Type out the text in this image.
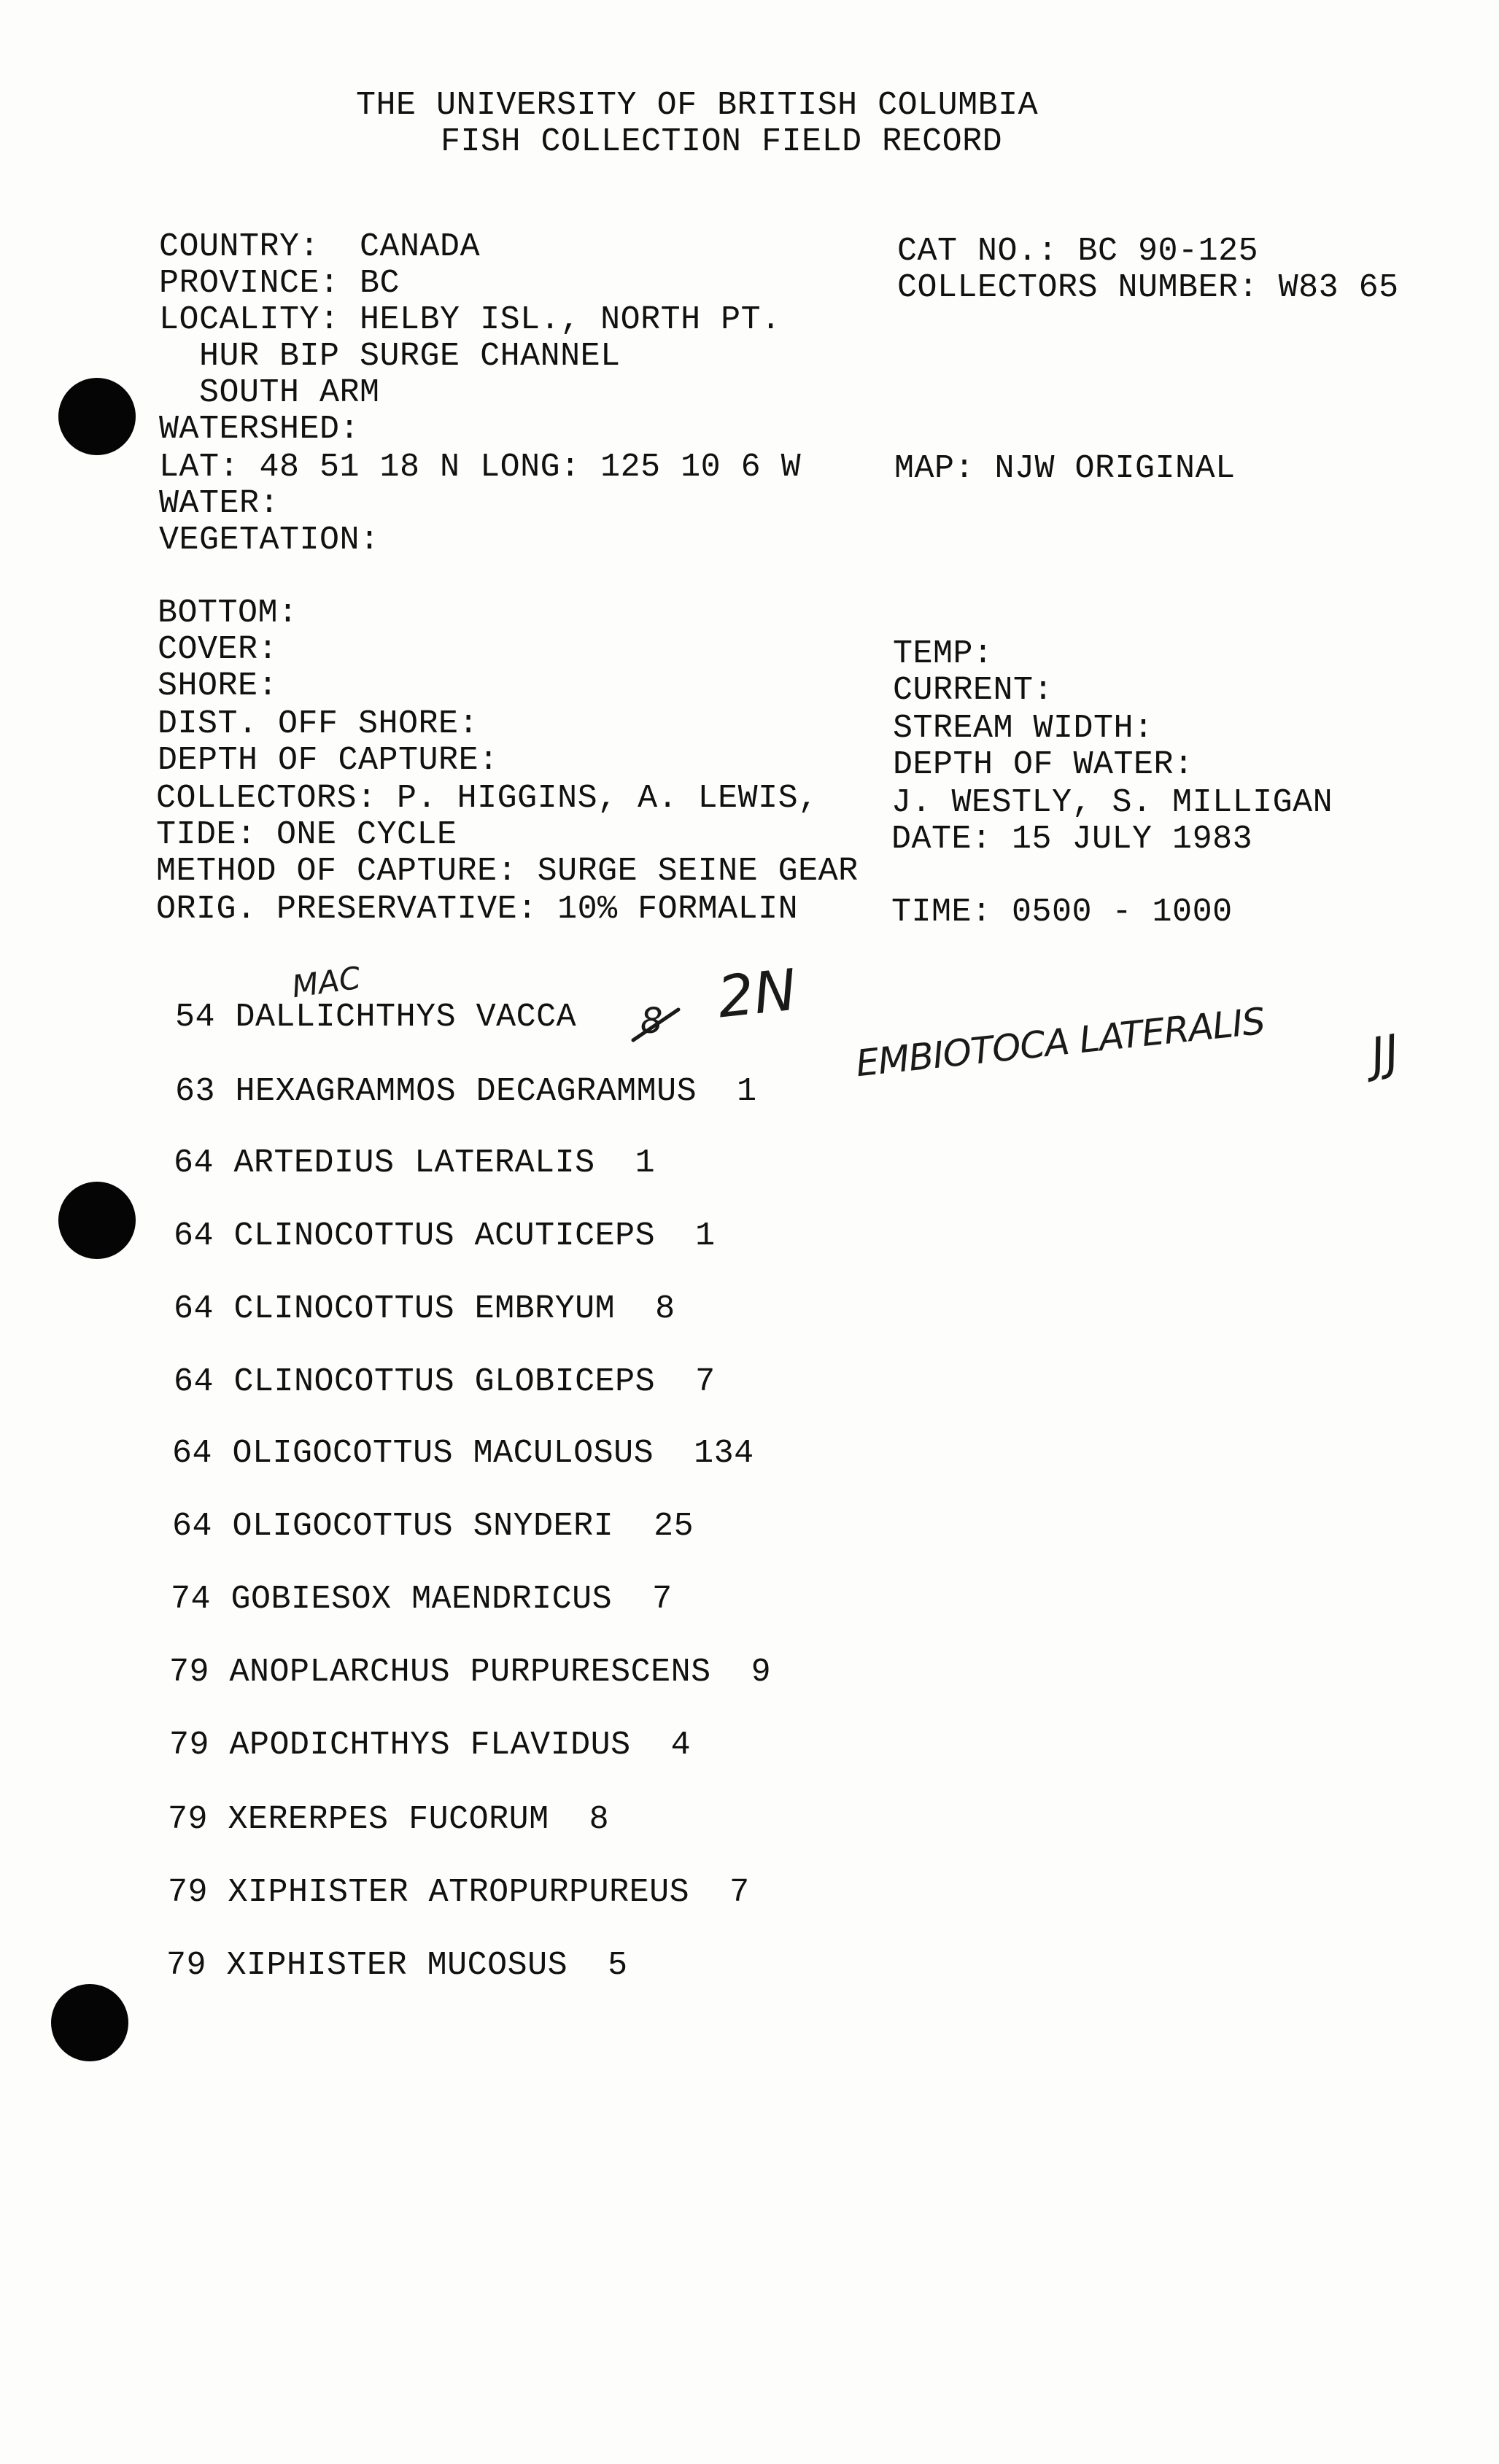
THE UNIVERSITY OF BRITISH COLUMBIA
FISH COLLECTION FIELD RECORD
COUNTRY:  CANADA
PROVINCE: BC
LOCALITY: HELBY ISL., NORTH PT.
HUR BIP SURGE CHANNEL
SOUTH ARM
WATERSHED:
LAT: 48 51 18 N LONG: 125 10 6 W
WATER:
VEGETATION:
BOTTOM:
COVER:
SHORE:
DIST. OFF SHORE:
DEPTH OF CAPTURE:
COLLECTORS: P. HIGGINS, A. LEWIS,
TIDE: ONE CYCLE
METHOD OF CAPTURE: SURGE SEINE GEAR
ORIG. PRESERVATIVE: 10% FORMALIN
CAT NO.: BC 90-125
COLLECTORS NUMBER: W83 65
MAP: NJW ORIGINAL
TEMP:
CURRENT:
STREAM WIDTH:
DEPTH OF WATER:
J. WESTLY, S. MILLIGAN
DATE: 15 JULY 1983
TIME: 0500 - 1000
54 DALLICHTHYS VACCA
63 HEXAGRAMMOS DECAGRAMMUS 1
64 ARTEDIUS LATERALIS 1
64 CLINOCOTTUS ACUTICEPS 1
64 CLINOCOTTUS EMBRYUM 8
64 CLINOCOTTUS GLOBICEPS 7
64 OLIGOCOTTUS MACULOSUS 134
64 OLIGOCOTTUS SNYDERI 25
74 GOBIESOX MAENDRICUS 7
79 ANOPLARCHUS PURPURESCENS 9
79 APODICHTHYS FLAVIDUS 4
79 XERERPES FUCORUM 8
79 XIPHISTER ATROPURPUREUS 7
79 XIPHISTER MUCOSUS 5
MAC
8 2N
EMBIOTOCA LATERALIS JJ
